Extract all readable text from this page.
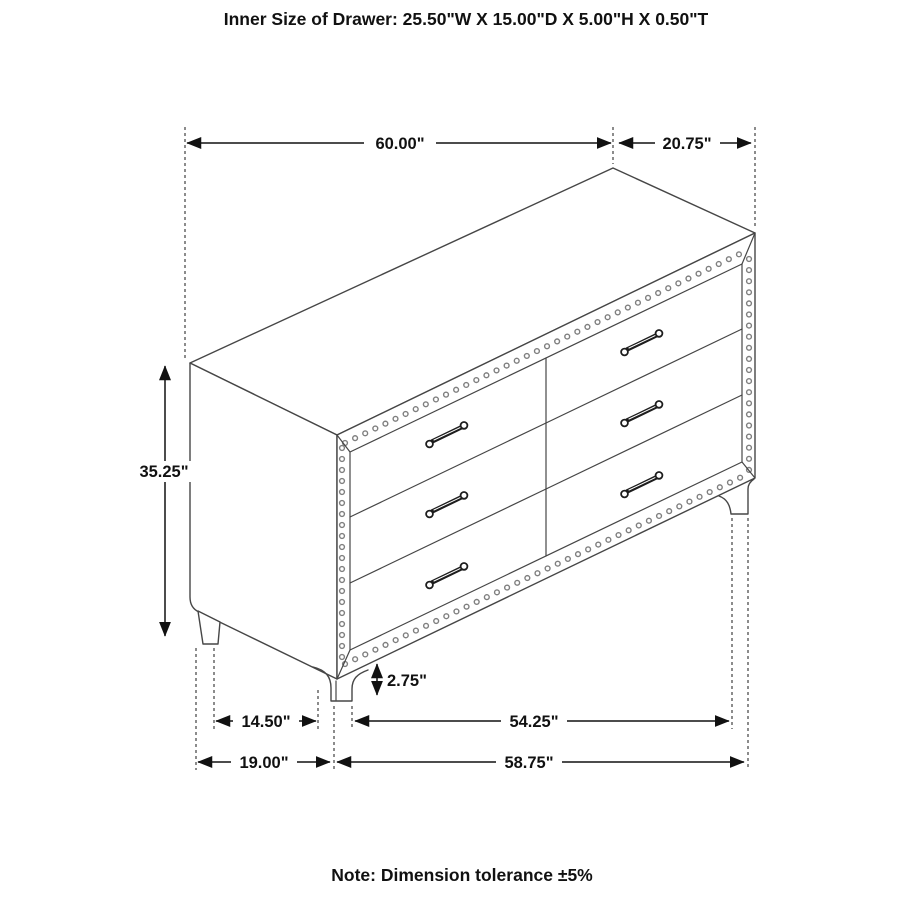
Inner Size of Drawer: 25.50"W X 15.00"D X 5.00"H X 0.50"T
60.00"	20.75"
35.25"
2.75"
14.50"	54.25"
19.00"	58.75"
Note: Dimension tolerance ±5%
